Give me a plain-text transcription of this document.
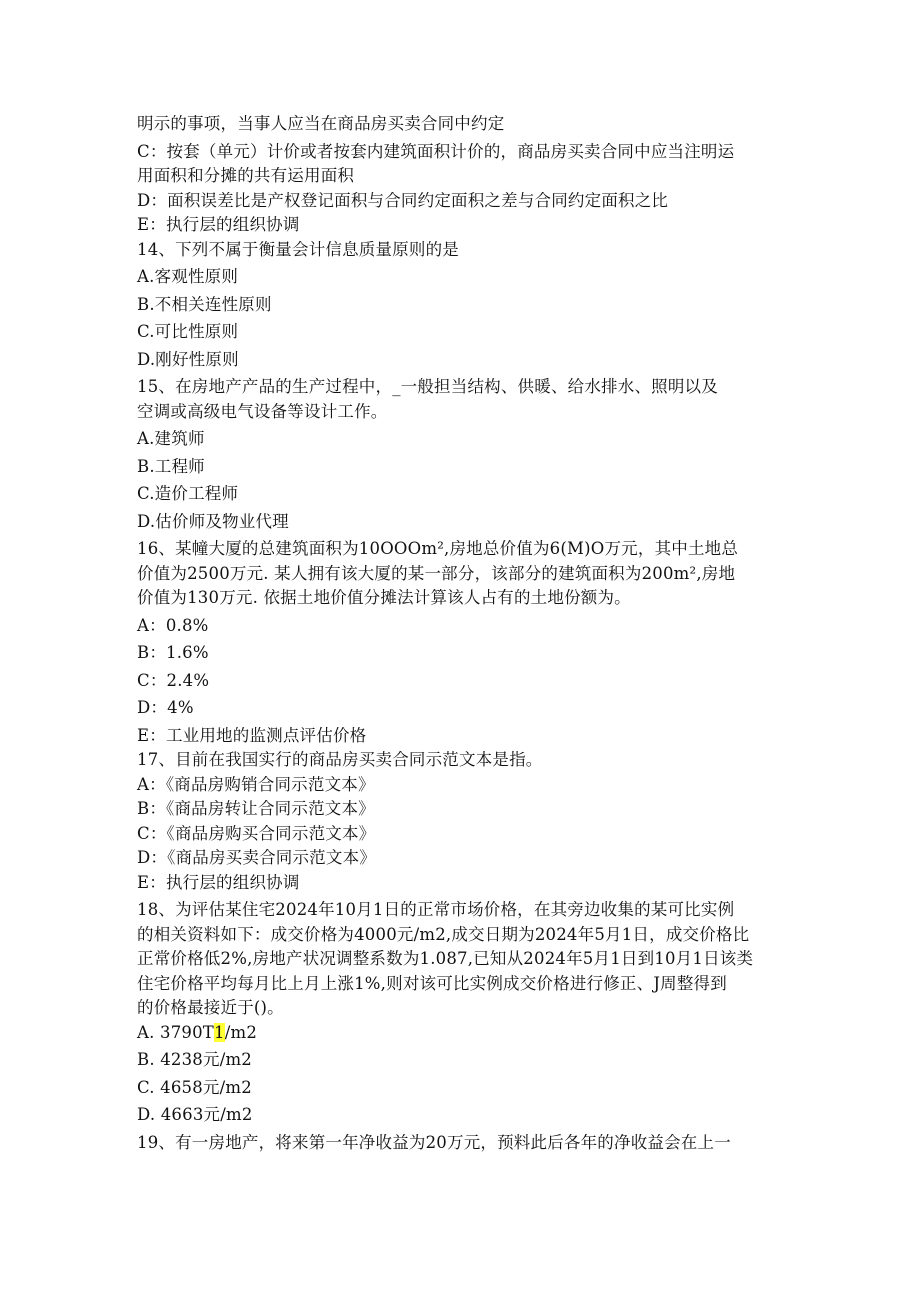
明示的事项，当事人应当在商品房买卖合同中约定
C：按套（单元）计价或者按套内建筑面积计价的，商品房买卖合同中应当注明运
用面积和分摊的共有运用面积
D：面积误差比是产权登记面积与合同约定面积之差与合同约定面积之比
E：执行层的组织协调
14、下列不属于衡量会计信息质量原则的是
A.客观性原则
B.不相关连性原则
C.可比性原则
D.刚好性原则
15、在房地产产品的生产过程中，_一般担当结构、供暖、给水排水、照明以及
空调或高级电气设备等设计工作。
A.建筑师
B.工程师
C.造价工程师
D.估价师及物业代理
16、某幢大厦的总建筑面积为10OOOm²,房地总价值为6(M)O万元，其中土地总
价值为2500万元. 某人拥有该大厦的某一部分，该部分的建筑面积为200m²,房地
价值为130万元. 依据土地价值分摊法计算该人占有的土地份额为。
A：0.8%
B：1.6%
C：2.4%
D：4%
E：工业用地的监测点评估价格
17、目前在我国实行的商品房买卖合同示范文本是指。
A：《商品房购销合同示范文本》
B：《商品房转让合同示范文本》
C：《商品房购买合同示范文本》
D：《商品房买卖合同示范文本》
E：执行层的组织协调
18、为评估某住宅2024年10月1日的正常市场价格，在其旁边收集的某可比实例
的相关资料如下：成交价格为4000元/m2,成交日期为2024年5月1日，成交价格比
正常价格低2%,房地产状况调整系数为1.087,已知从2024年5月1日到10月1日该类
住宅价格平均每月比上月上涨1%,则对该可比实例成交价格进行修正、J周整得到
的价格最接近于()。
A. 3790T1/m2
B. 4238元/m2
C. 4658元/m2
D. 4663元/m2
19、有一房地产，将来第一年净收益为20万元，预料此后各年的净收益会在上一
